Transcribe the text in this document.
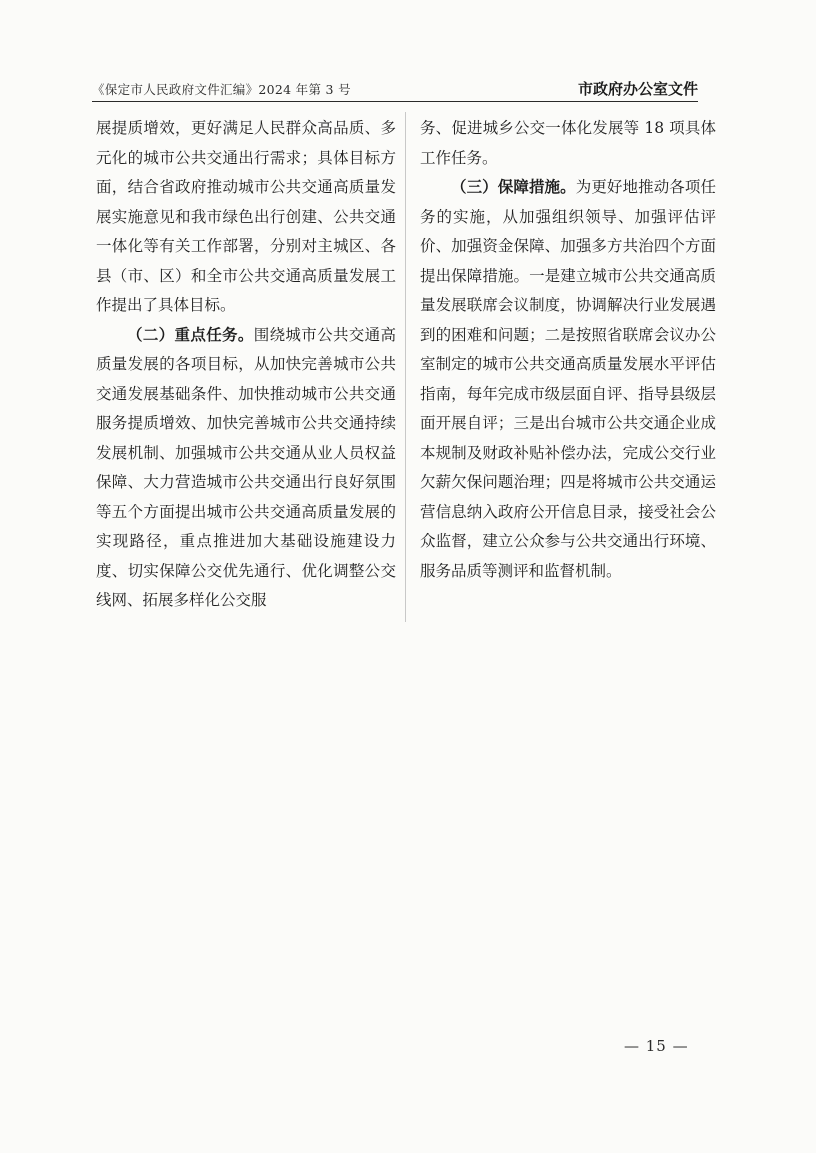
《保定市人民政府文件汇编》2024 年第 3 号	市政府办公室文件

展提质增效，更好满足人民群众高品质、多元化的城市公共交通出行需求；具体目标方面，结合省政府推动城市公共交通高质量发展实施意见和我市绿色出行创建、公共交通一体化等有关工作部署，分别对主城区、各县（市、区）和全市公共交通高质量发展工作提出了具体目标。

（二）重点任务。围绕城市公共交通高质量发展的各项目标，从加快完善城市公共交通发展基础条件、加快推动城市公共交通服务提质增效、加快完善城市公共交通持续发展机制、加强城市公共交通从业人员权益保障、大力营造城市公共交通出行良好氛围等五个方面提出城市公共交通高质量发展的实现路径，重点推进加大基础设施建设力度、切实保障公交优先通行、优化调整公交线网、拓展多样化公交服

务、促进城乡公交一体化发展等 18 项具体工作任务。

（三）保障措施。为更好地推动各项任务的实施，从加强组织领导、加强评估评价、加强资金保障、加强多方共治四个方面提出保障措施。一是建立城市公共交通高质量发展联席会议制度，协调解决行业发展遇到的困难和问题；二是按照省联席会议办公室制定的城市公共交通高质量发展水平评估指南，每年完成市级层面自评、指导县级层面开展自评；三是出台城市公共交通企业成本规制及财政补贴补偿办法，完成公交行业欠薪欠保问题治理；四是将城市公共交通运营信息纳入政府公开信息目录，接受社会公众监督，建立公众参与公共交通出行环境、服务品质等测评和监督机制。

— 15 —
